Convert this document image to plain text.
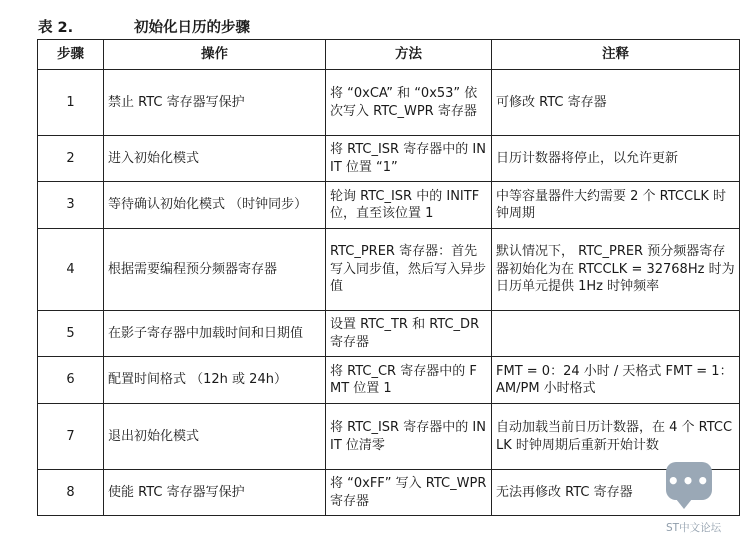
表 2.	初始化日历的步骤
步骤	操作	方法	注释
1	禁止 RTC 寄存器写保护	将 “0xCA” 和 “0x53” 依次写入 RTC_WPR 寄存器	可修改 RTC 寄存器
2	进入初始化模式	将 RTC_ISR 寄存器中的 INIT 位置 “1”	日历计数器将停止，以允许更新
3	等待确认初始化模式 （时钟同步）	轮询 RTC_ISR 中的 INITF 位，直至该位置 1	中等容量器件大约需要 2 个 RTCCLK 时钟周期
4	根据需要编程预分频器寄存器	RTC_PRER 寄存器：首先写入同步值，然后写入异步值	默认情况下， RTC_PRER 预分频器寄存器初始化为在 RTCCLK = 32768Hz 时为日历单元提供 1Hz 时钟频率
5	在影子寄存器中加载时间和日期值	设置 RTC_TR 和 RTC_DR 寄存器	
6	配置时间格式 （12h 或 24h）	将 RTC_CR 寄存器中的 FMT 位置 1	FMT = 0：24 小时 / 天格式 FMT = 1：AM/PM 小时格式
7	退出初始化模式	将 RTC_ISR 寄存器中的 INIT 位清零	自动加载当前日历计数器，在 4 个 RTCCLK 时钟周期后重新开始计数
8	使能 RTC 寄存器写保护	将 “0xFF” 写入 RTC_WPR 寄存器	无法再修改 RTC 寄存器 •••
ST中文论坛
